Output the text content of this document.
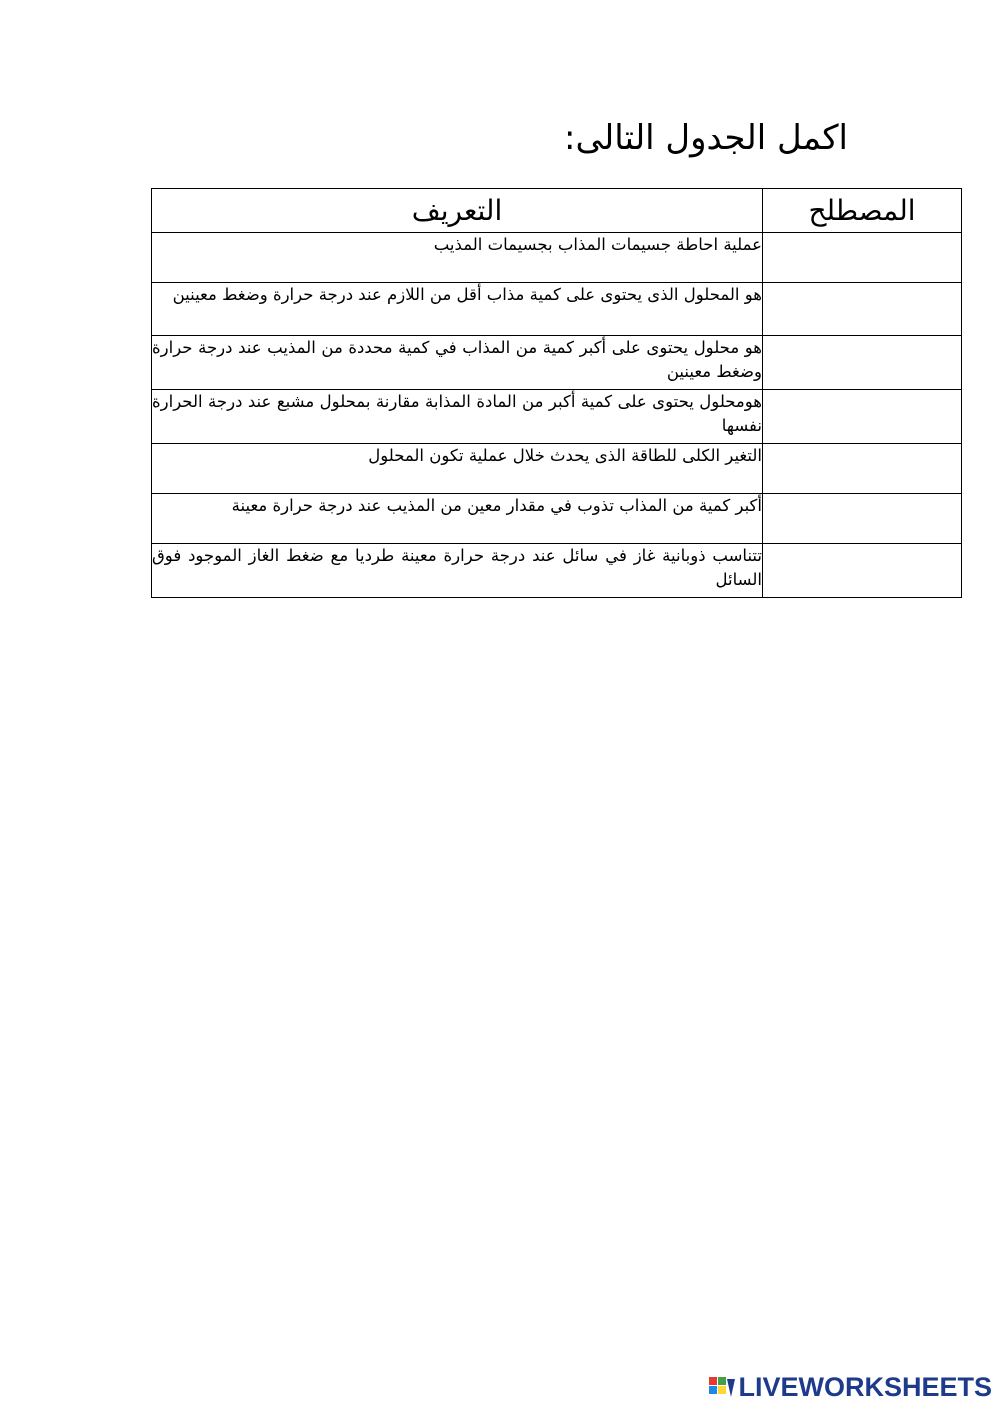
اكمل الجدول التالى:
المصطلح	التعريف
	عملية احاطة جسيمات المذاب بجسيمات المذيب
	هو المحلول الذى يحتوى على كمية مذاب أقل من اللازم عند درجة حرارة وضغط معينين
	هو محلول يحتوى على أكبر كمية من المذاب في كمية محددة من المذيب عند درجة حرارة وضغط معينين
	هومحلول يحتوى على كمية أكبر من المادة المذابة مقارنة بمحلول مشبع عند درجة الحرارة نفسها
	التغير الكلى للطاقة الذى يحدث خلال عملية تكون المحلول
	أكبر كمية من المذاب تذوب في مقدار معين من المذيب عند درجة حرارة معينة
	تتناسب ذوبانية غاز في سائل عند درجة حرارة معينة طرديا مع ضغط الغاز الموجود فوق السائل
LIVEWORKSHEETS
